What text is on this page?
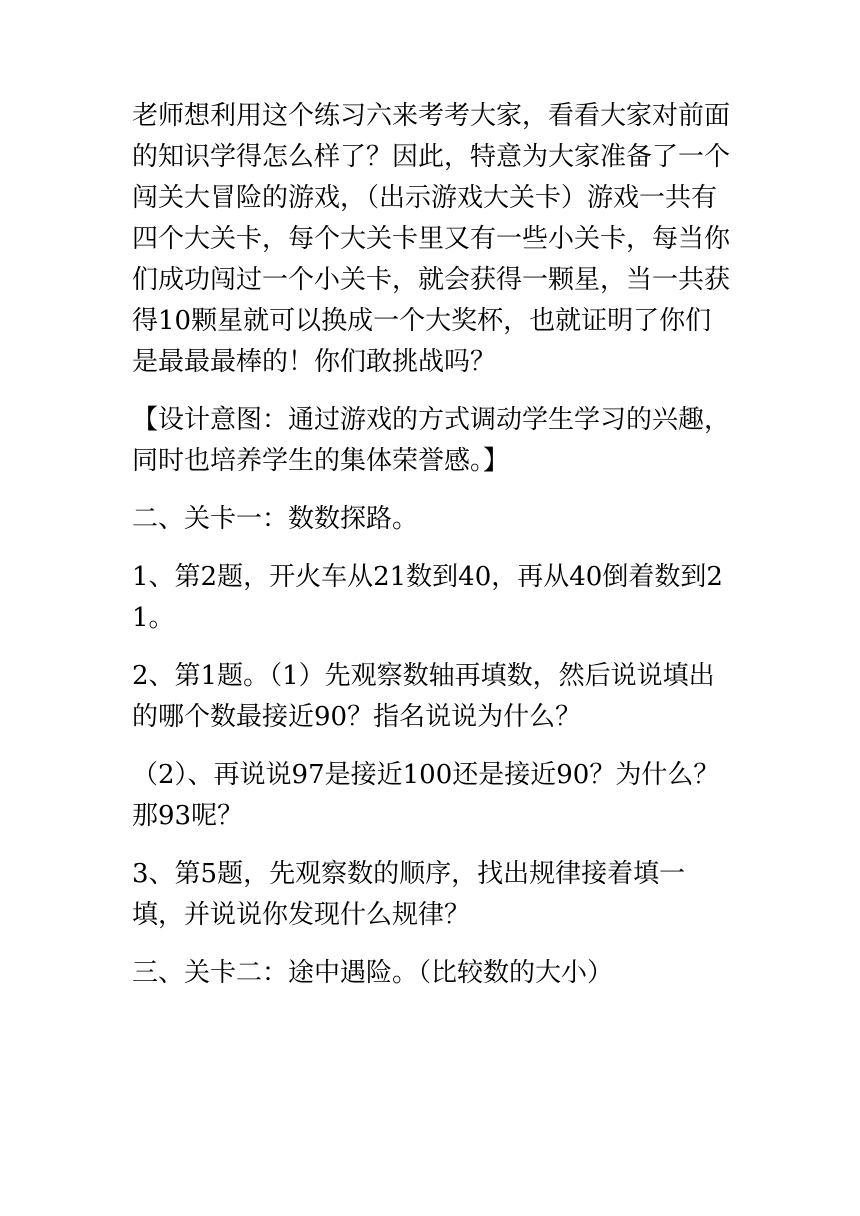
老师想利用这个练习六来考考大家，看看大家对前面的知识学得怎么样了？因此，特意为大家准备了一个闯关大冒险的游戏，（出示游戏大关卡）游戏一共有四个大关卡，每个大关卡里又有一些小关卡，每当你们成功闯过一个小关卡，就会获得一颗星，当一共获得10颗星就可以换成一个大奖杯，也就证明了你们是最最最棒的！你们敢挑战吗？

【设计意图：通过游戏的方式调动学生学习的兴趣，同时也培养学生的集体荣誉感。】

二、关卡一：数数探路。

1、第2题，开火车从21数到40，再从40倒着数到21。

2、第1题。（1）先观察数轴再填数，然后说说填出的哪个数最接近90？指名说说为什么？

（2）、再说说97是接近100还是接近90？为什么？那93呢？

3、第5题，先观察数的顺序，找出规律接着填一填，并说说你发现什么规律？

三、关卡二：途中遇险。（比较数的大小）
